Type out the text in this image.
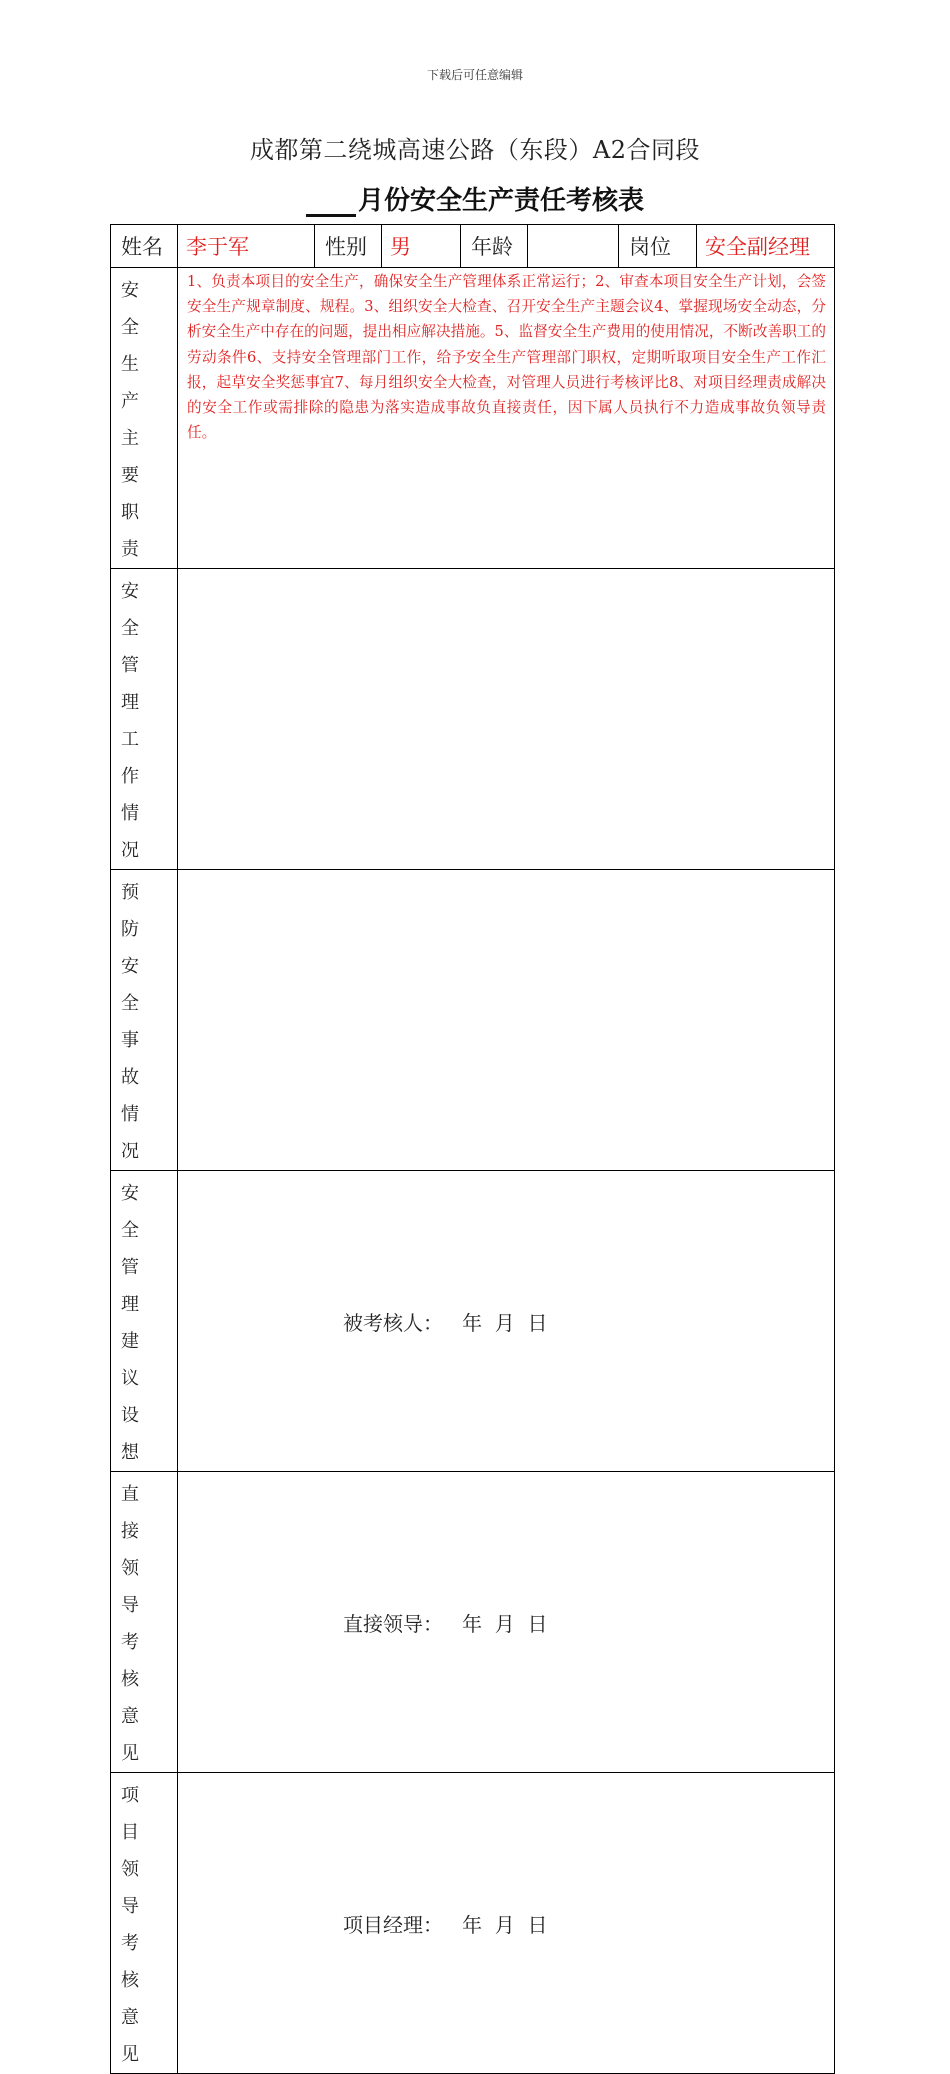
下载后可任意编辑
成都第二绕城高速公路（东段）A2合同段
月份安全生产责任考核表
姓名	李于军	性别	男	年龄		岗位	安全副经理
安全生产主要职责	1、负责本项目的安全生产，确保安全生产管理体系正常运行；2、审查本项目安全生产计划，会签安全生产规章制度、规程。3、组织安全大检查、召开安全生产主题会议4、掌握现场安全动态，分析安全生产中存在的问题，提出相应解决措施。5、监督安全生产费用的使用情况，不断改善职工的劳动条件6、支持安全管理部门工作，给予安全生产管理部门职权，定期听取项目安全生产工作汇报，起草安全奖惩事宜7、每月组织安全大检查，对管理人员进行考核评比8、对项目经理责成解决的安全工作或需排除的隐患为落实造成事故负直接责任，因下属人员执行不力造成事故负领导责任。						
安全管理工作情况							
预防安全事故情况							
安全管理建议设想	被考核人：   年  月  日						

直接领导考核意见	直接领导：   年  月  日						

项目领导考核意见	项目经理：   年  月  日						
